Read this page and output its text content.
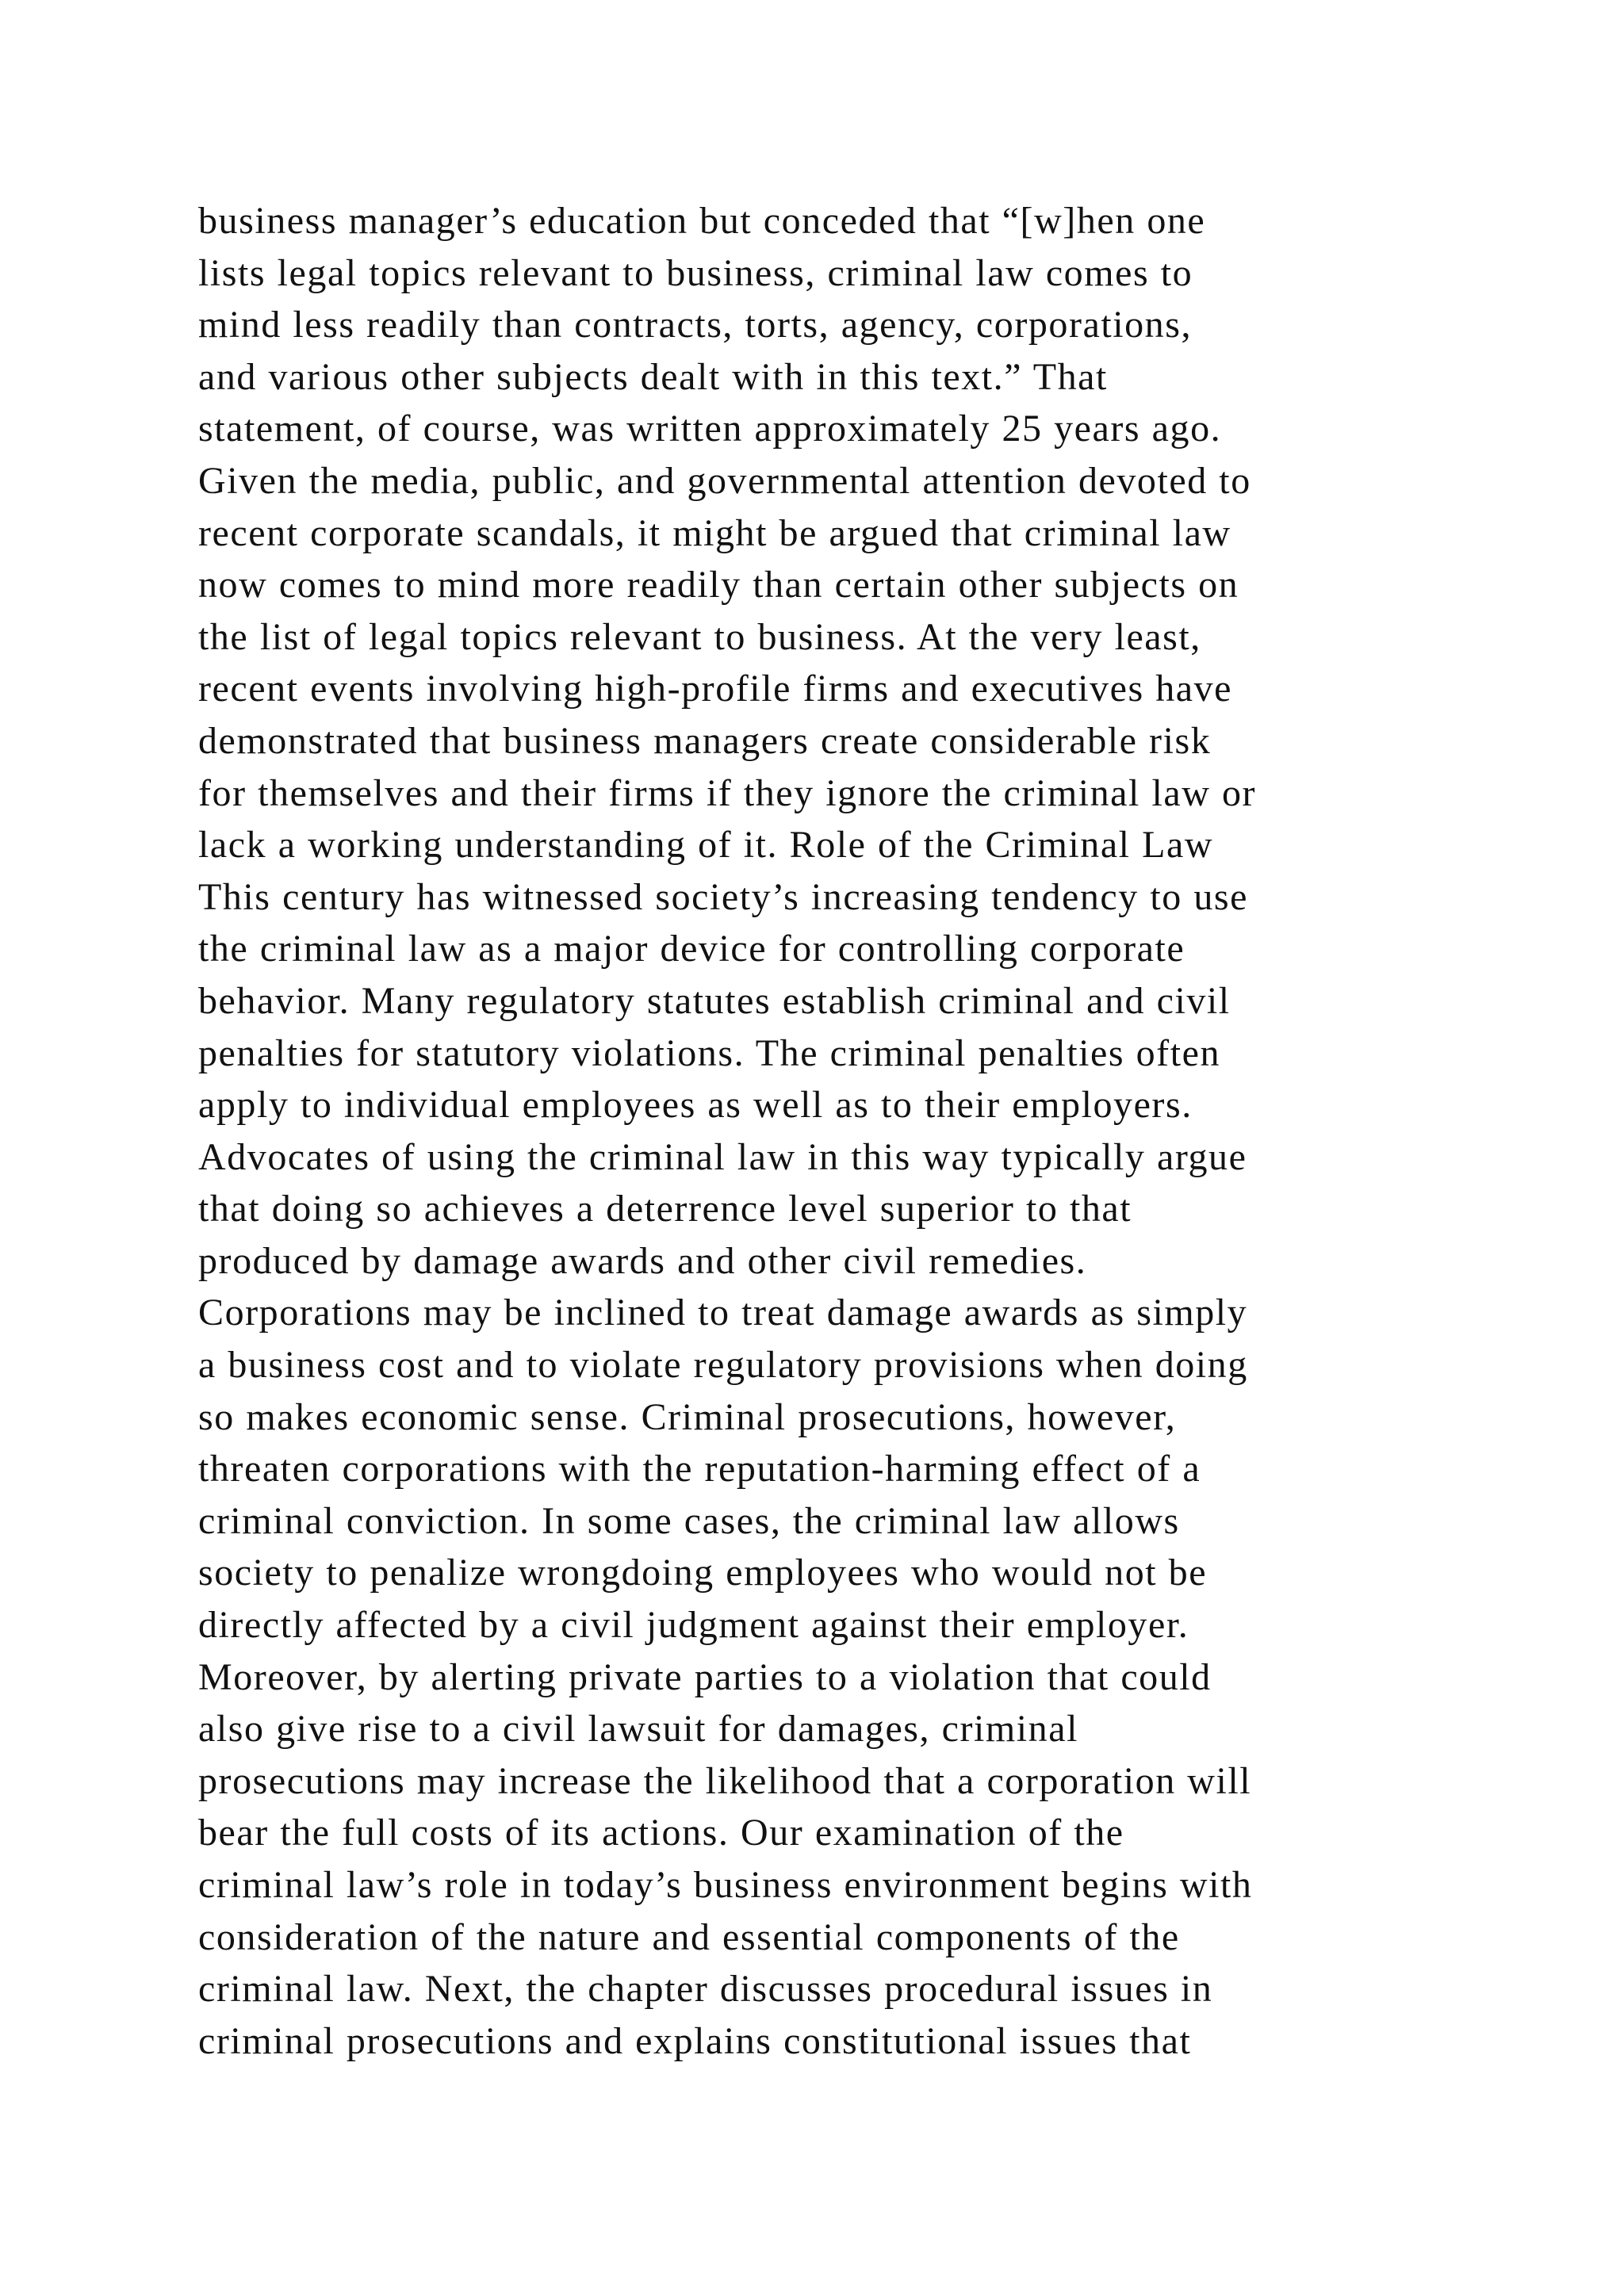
business manager’s education but conceded that “[w]hen one
lists legal topics relevant to business, criminal law comes to
mind less readily than contracts, torts, agency, corporations,
and various other subjects dealt with in this text.” That
statement, of course, was written approximately 25 years ago.
Given the media, public, and governmental attention devoted to
recent corporate scandals, it might be argued that criminal law
now comes to mind more readily than certain other subjects on
the list of legal topics relevant to business. At the very least,
recent events involving high-profile firms and executives have
demonstrated that business managers create considerable risk
for themselves and their firms if they ignore the criminal law or
lack a working understanding of it. Role of the Criminal Law
This century has witnessed society’s increasing tendency to use
the criminal law as a major device for controlling corporate
behavior. Many regulatory statutes establish criminal and civil
penalties for statutory violations. The criminal penalties often
apply to individual employees as well as to their employers.
Advocates of using the criminal law in this way typically argue
that doing so achieves a deterrence level superior to that
produced by damage awards and other civil remedies.
Corporations may be inclined to treat damage awards as simply
a business cost and to violate regulatory provisions when doing
so makes economic sense. Criminal prosecutions, however,
threaten corporations with the reputation-harming effect of a
criminal conviction. In some cases, the criminal law allows
society to penalize wrongdoing employees who would not be
directly affected by a civil judgment against their employer.
Moreover, by alerting private parties to a violation that could
also give rise to a civil lawsuit for damages, criminal
prosecutions may increase the likelihood that a corporation will
bear the full costs of its actions. Our examination of the
criminal law’s role in today’s business environment begins with
consideration of the nature and essential components of the
criminal law. Next, the chapter discusses procedural issues in
criminal prosecutions and explains constitutional issues that
